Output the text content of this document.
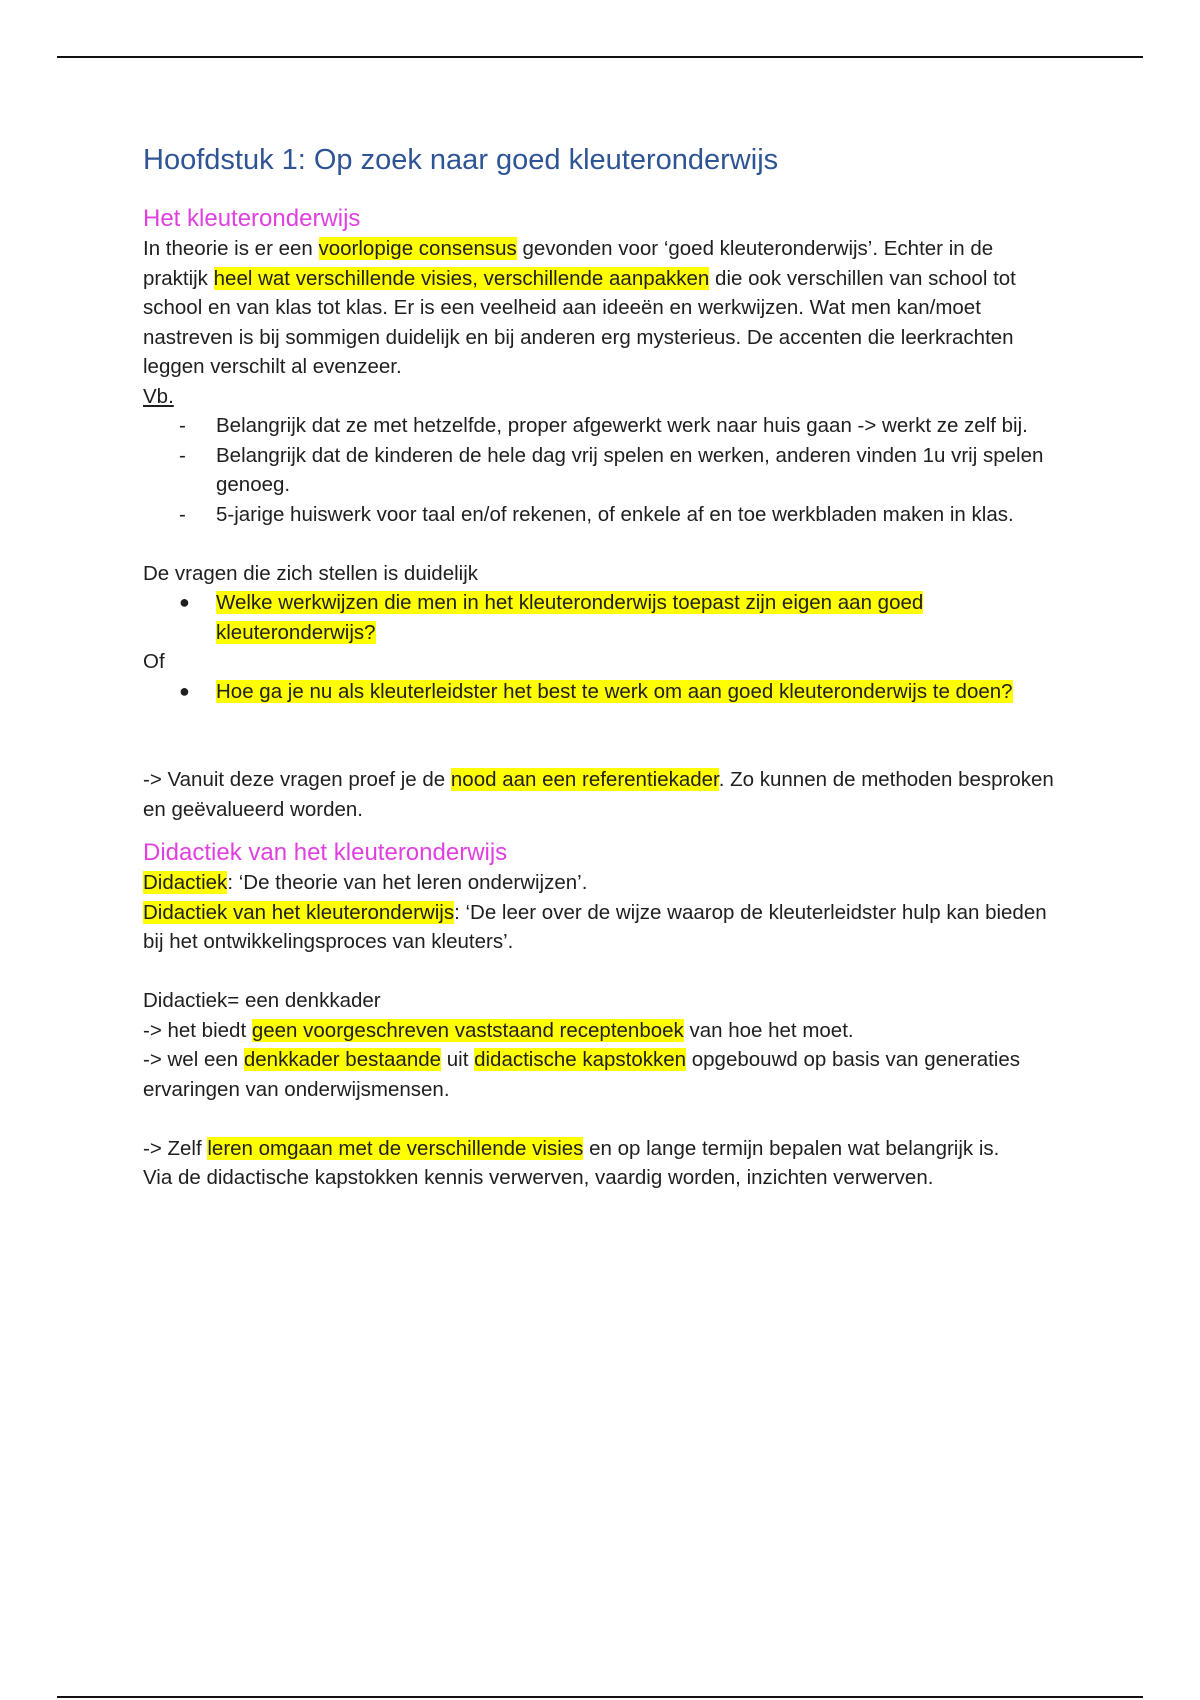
Hoofdstuk 1: Op zoek naar goed kleuteronderwijs
Het kleuteronderwijs

In theorie is er een voorlopige consensus gevonden voor ‘goed kleuteronderwijs’. Echter in de praktijk heel wat verschillende visies, verschillende aanpakken die ook verschillen van school tot school en van klas tot klas. Er is een veelheid aan ideeën en werkwijzen. Wat men kan/moet nastreven is bij sommigen duidelijk en bij anderen erg mysterieus. De accenten die leerkrachten leggen verschilt al evenzeer.

Vb.

- Belangrijk dat ze met hetzelfde, proper afgewerkt werk naar huis gaan -> werkt ze zelf bij.
- Belangrijk dat de kinderen de hele dag vrij spelen en werken, anderen vinden 1u vrij spelen genoeg.
- 5-jarige huiswerk voor taal en/of rekenen, of enkele af en toe werkbladen maken in klas.

De vragen die zich stellen is duidelijk

● Welke werkwijzen die men in het kleuteronderwijs toepast zijn eigen aan goed kleuteronderwijs?

Of

● Hoe ga je nu als kleuterleidster het best te werk om aan goed kleuteronderwijs te doen?

-> Vanuit deze vragen proef je de nood aan een referentiekader. Zo kunnen de methoden besproken en geëvalueerd worden.

Didactiek van het kleuteronderwijs

Didactiek: ‘De theorie van het leren onderwijzen’.

Didactiek van het kleuteronderwijs: ‘De leer over de wijze waarop de kleuterleidster hulp kan bieden bij het ontwikkelingsproces van kleuters’.

Didactiek= een denkkader

-> het biedt geen voorgeschreven vaststaand receptenboek van hoe het moet.

-> wel een denkkader bestaande uit didactische kapstokken opgebouwd op basis van generaties ervaringen van onderwijsmensen.

-> Zelf leren omgaan met de verschillende visies en op lange termijn bepalen wat belangrijk is.

Via de didactische kapstokken kennis verwerven, vaardig worden, inzichten verwerven.
